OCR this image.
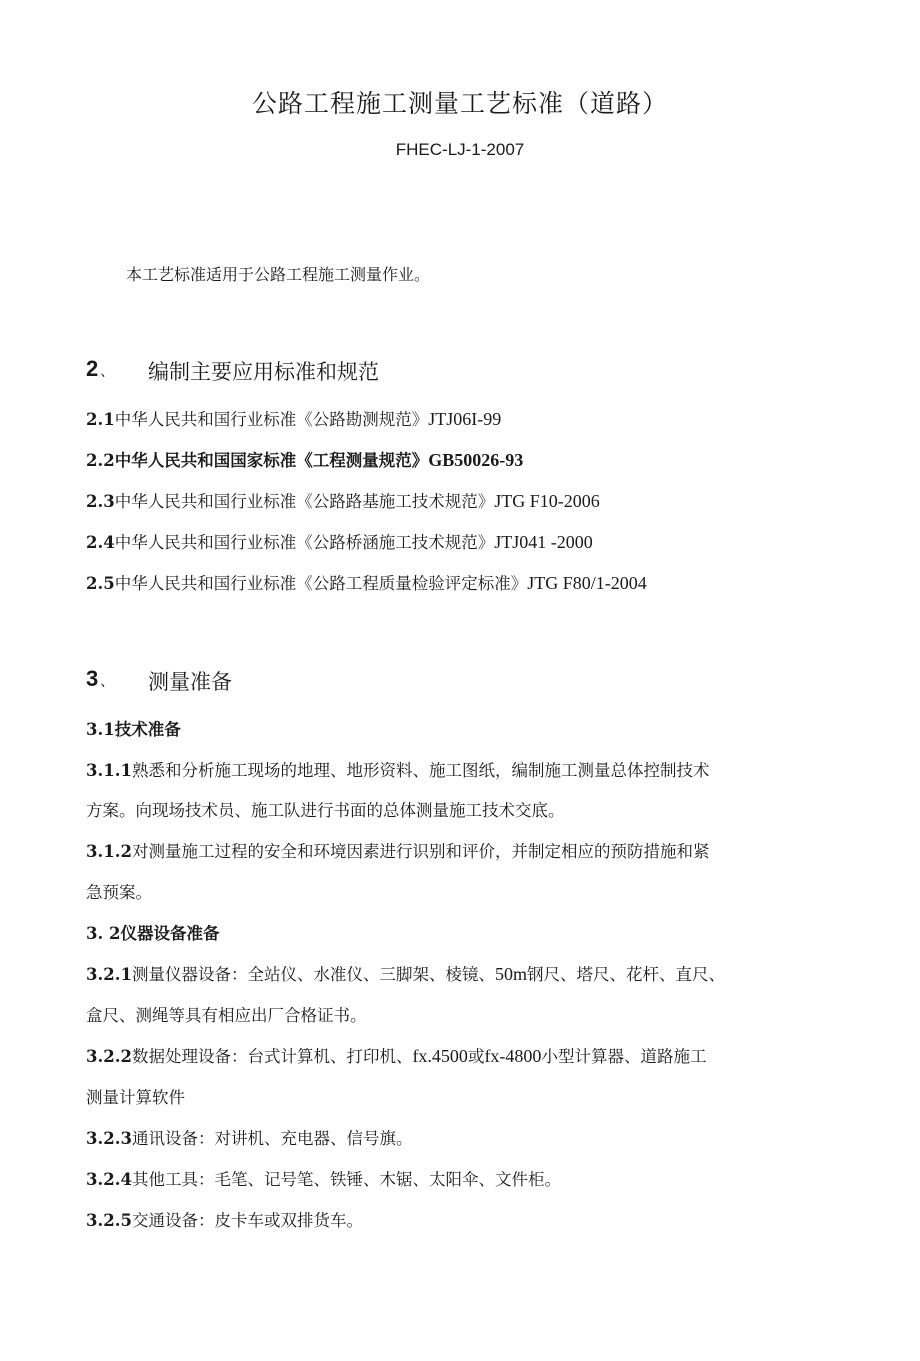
公路工程施工测量工艺标准（道路）
FHEC-LJ-1-2007
本工艺标准适用于公路工程施工测量作业。
2 、 编制主要应用标准和规范
2.1中华人民共和国行业标准《公路勘测规范》JTJ06I-99
2.2中华人民共和国国家标准《工程测量规范》GB50026-93
2.3中华人民共和国行业标准《公路路基施工技术规范》JTG F10-2006
2.4中华人民共和国行业标准《公路桥涵施工技术规范》JTJ041 -2000
2.5中华人民共和国行业标准《公路工程质量检验评定标准》JTG F80/1-2004
3 、 测量准备
3.1技术准备
3.1.1熟悉和分析施工现场的地理、地形资料、施工图纸，编制施工测量总体控制技术
方案。向现场技术员、施工队进行书面的总体测量施工技术交底。
3.1.2对测量施工过程的安全和环境因素进行识别和评价，并制定相应的预防措施和紧
急预案。
3. 2仪器设备准备
3.2.1测量仪器设备：全站仪、水准仪、三脚架、棱镜、50m钢尺、塔尺、花杆、直尺、
盒尺、测绳等具有相应出厂合格证书。
3.2.2数据处理设备：台式计算机、打印机、fx.4500或fx-4800小型计算器、道路施工
测量计算软件
3.2.3通讯设备：对讲机、充电器、信号旗。
3.2.4其他工具：毛笔、记号笔、铁锤、木锯、太阳伞、文件柜。
3.2.5交通设备：皮卡车或双排货车。
